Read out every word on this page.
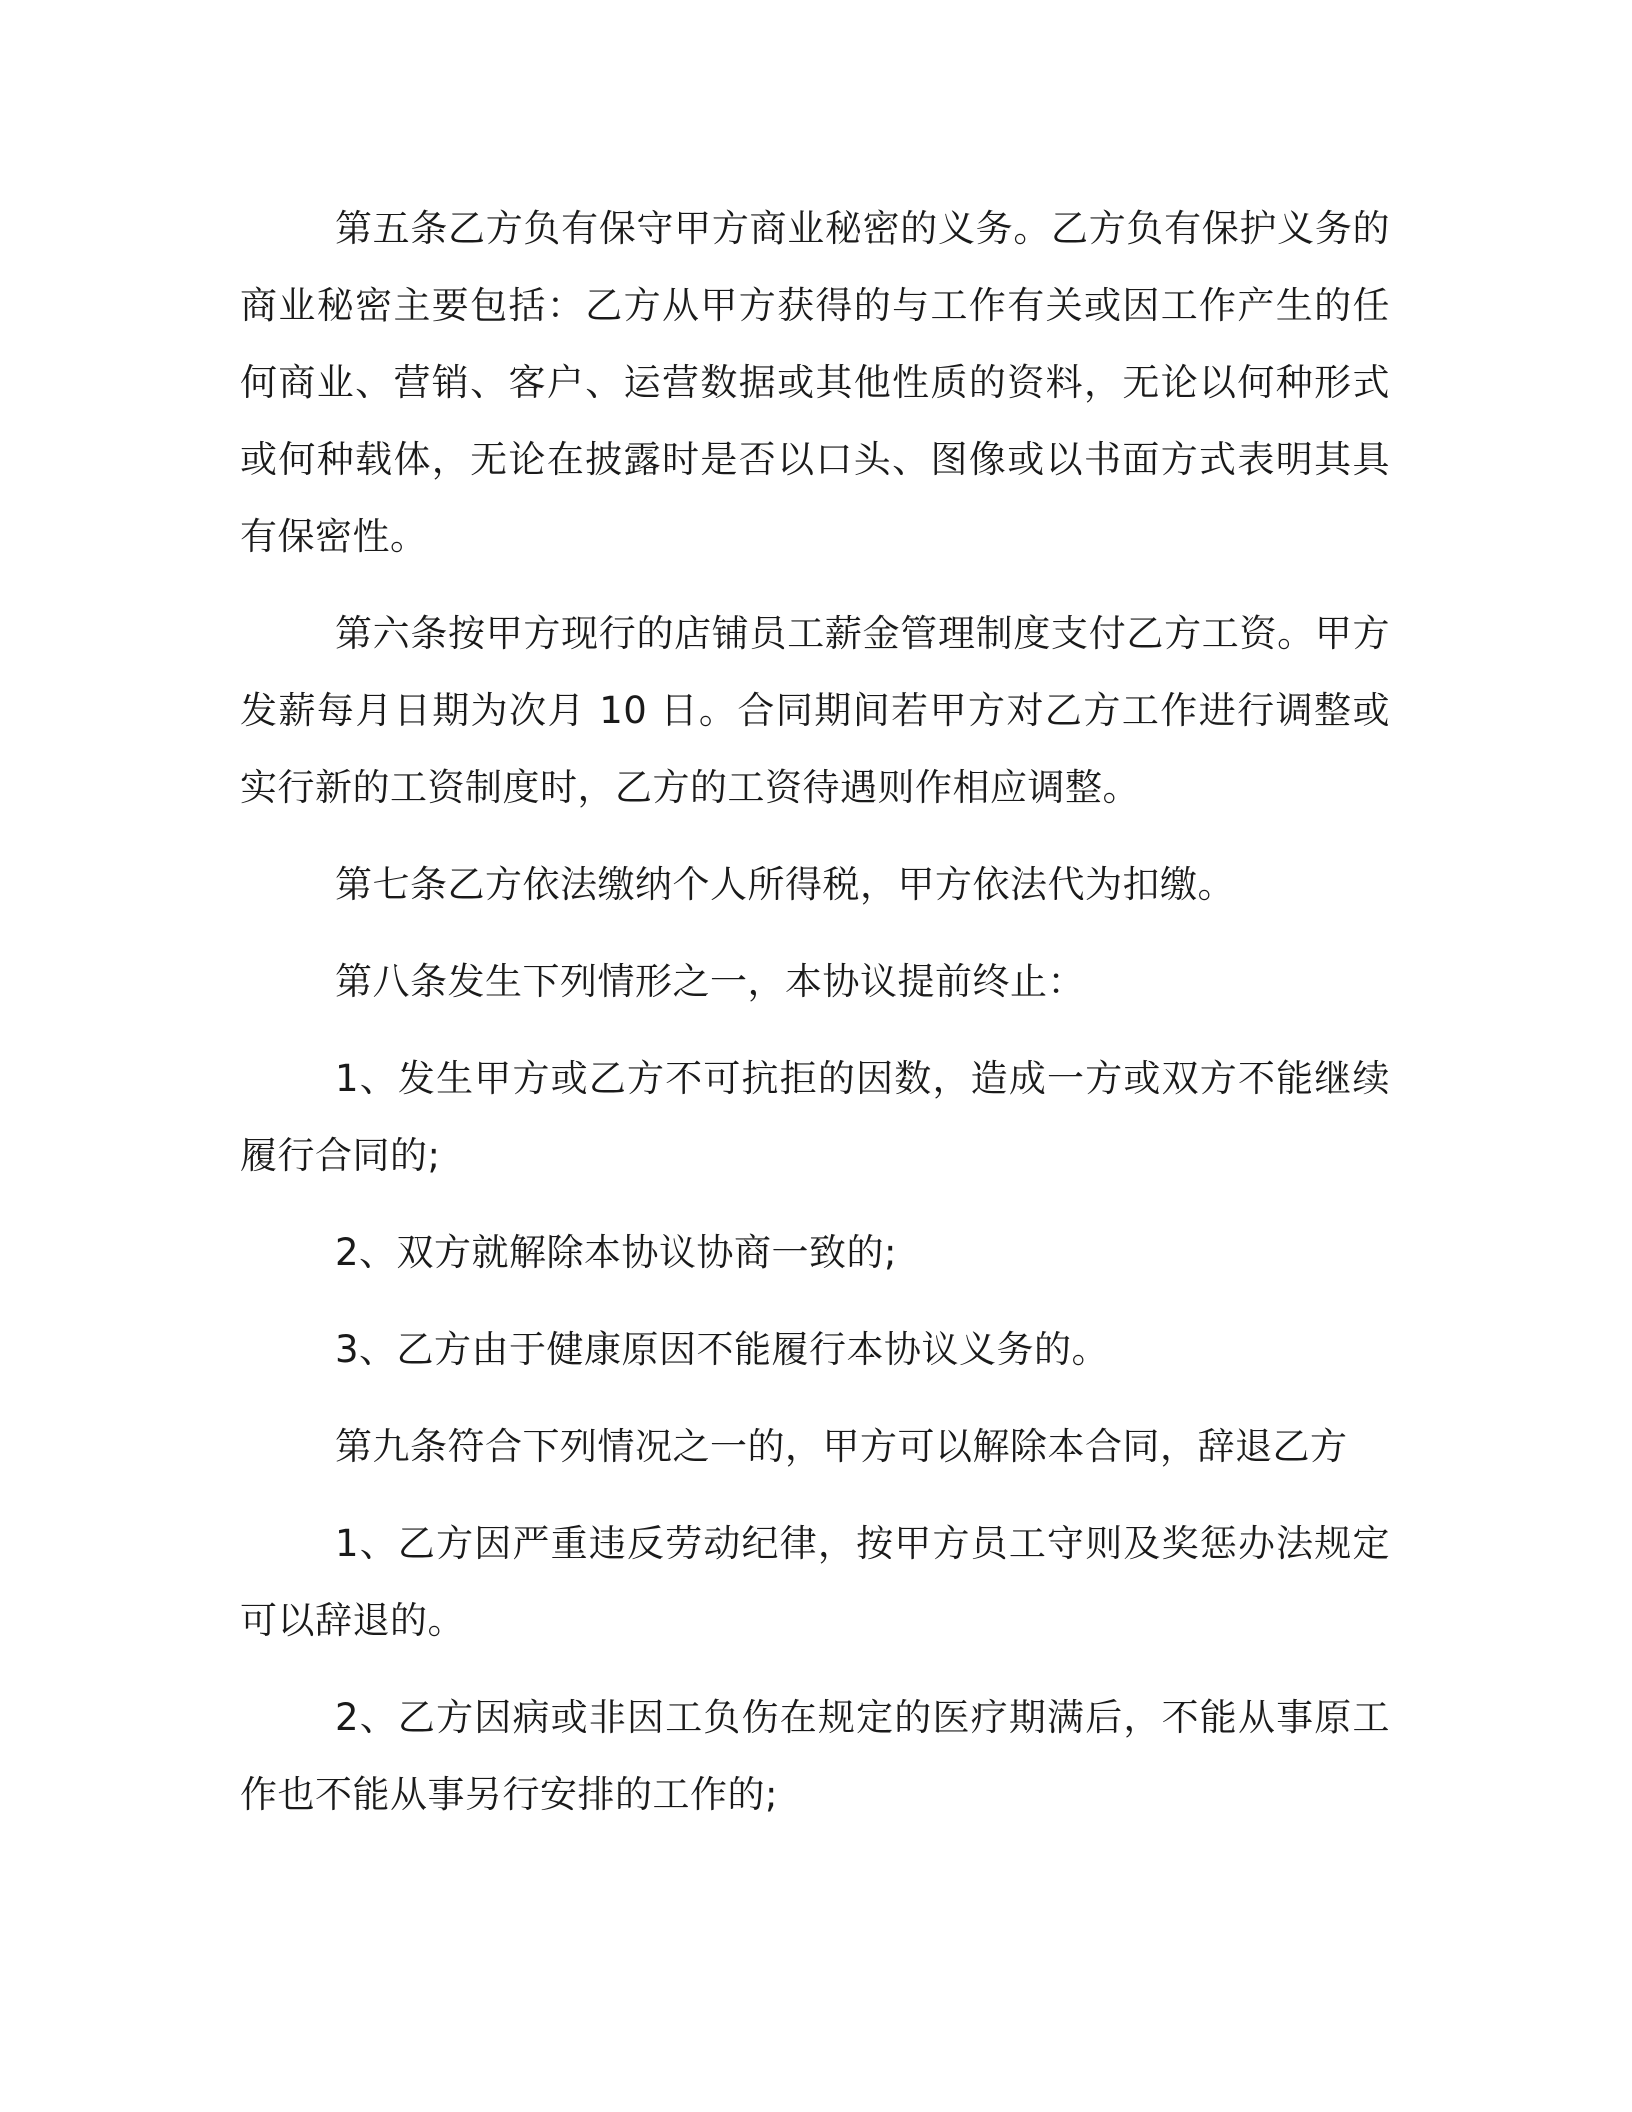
第五条乙方负有保守甲方商业秘密的义务。乙方负有保护义务的商业秘密主要包括：乙方从甲方获得的与工作有关或因工作产生的任何商业、营销、客户、运营数据或其他性质的资料，无论以何种形式或何种载体，无论在披露时是否以口头、图像或以书面方式表明其具有保密性。

第六条按甲方现行的店铺员工薪金管理制度支付乙方工资。甲方发薪每月日期为次月 10 日。合同期间若甲方对乙方工作进行调整或实行新的工资制度时，乙方的工资待遇则作相应调整。

第七条乙方依法缴纳个人所得税，甲方依法代为扣缴。

第八条发生下列情形之一，本协议提前终止：

1、发生甲方或乙方不可抗拒的因数，造成一方或双方不能继续履行合同的;

2、双方就解除本协议协商一致的;

3、乙方由于健康原因不能履行本协议义务的。

第九条符合下列情况之一的，甲方可以解除本合同，辞退乙方

1、乙方因严重违反劳动纪律，按甲方员工守则及奖惩办法规定可以辞退的。

2、乙方因病或非因工负伤在规定的医疗期满后，不能从事原工作也不能从事另行安排的工作的;
